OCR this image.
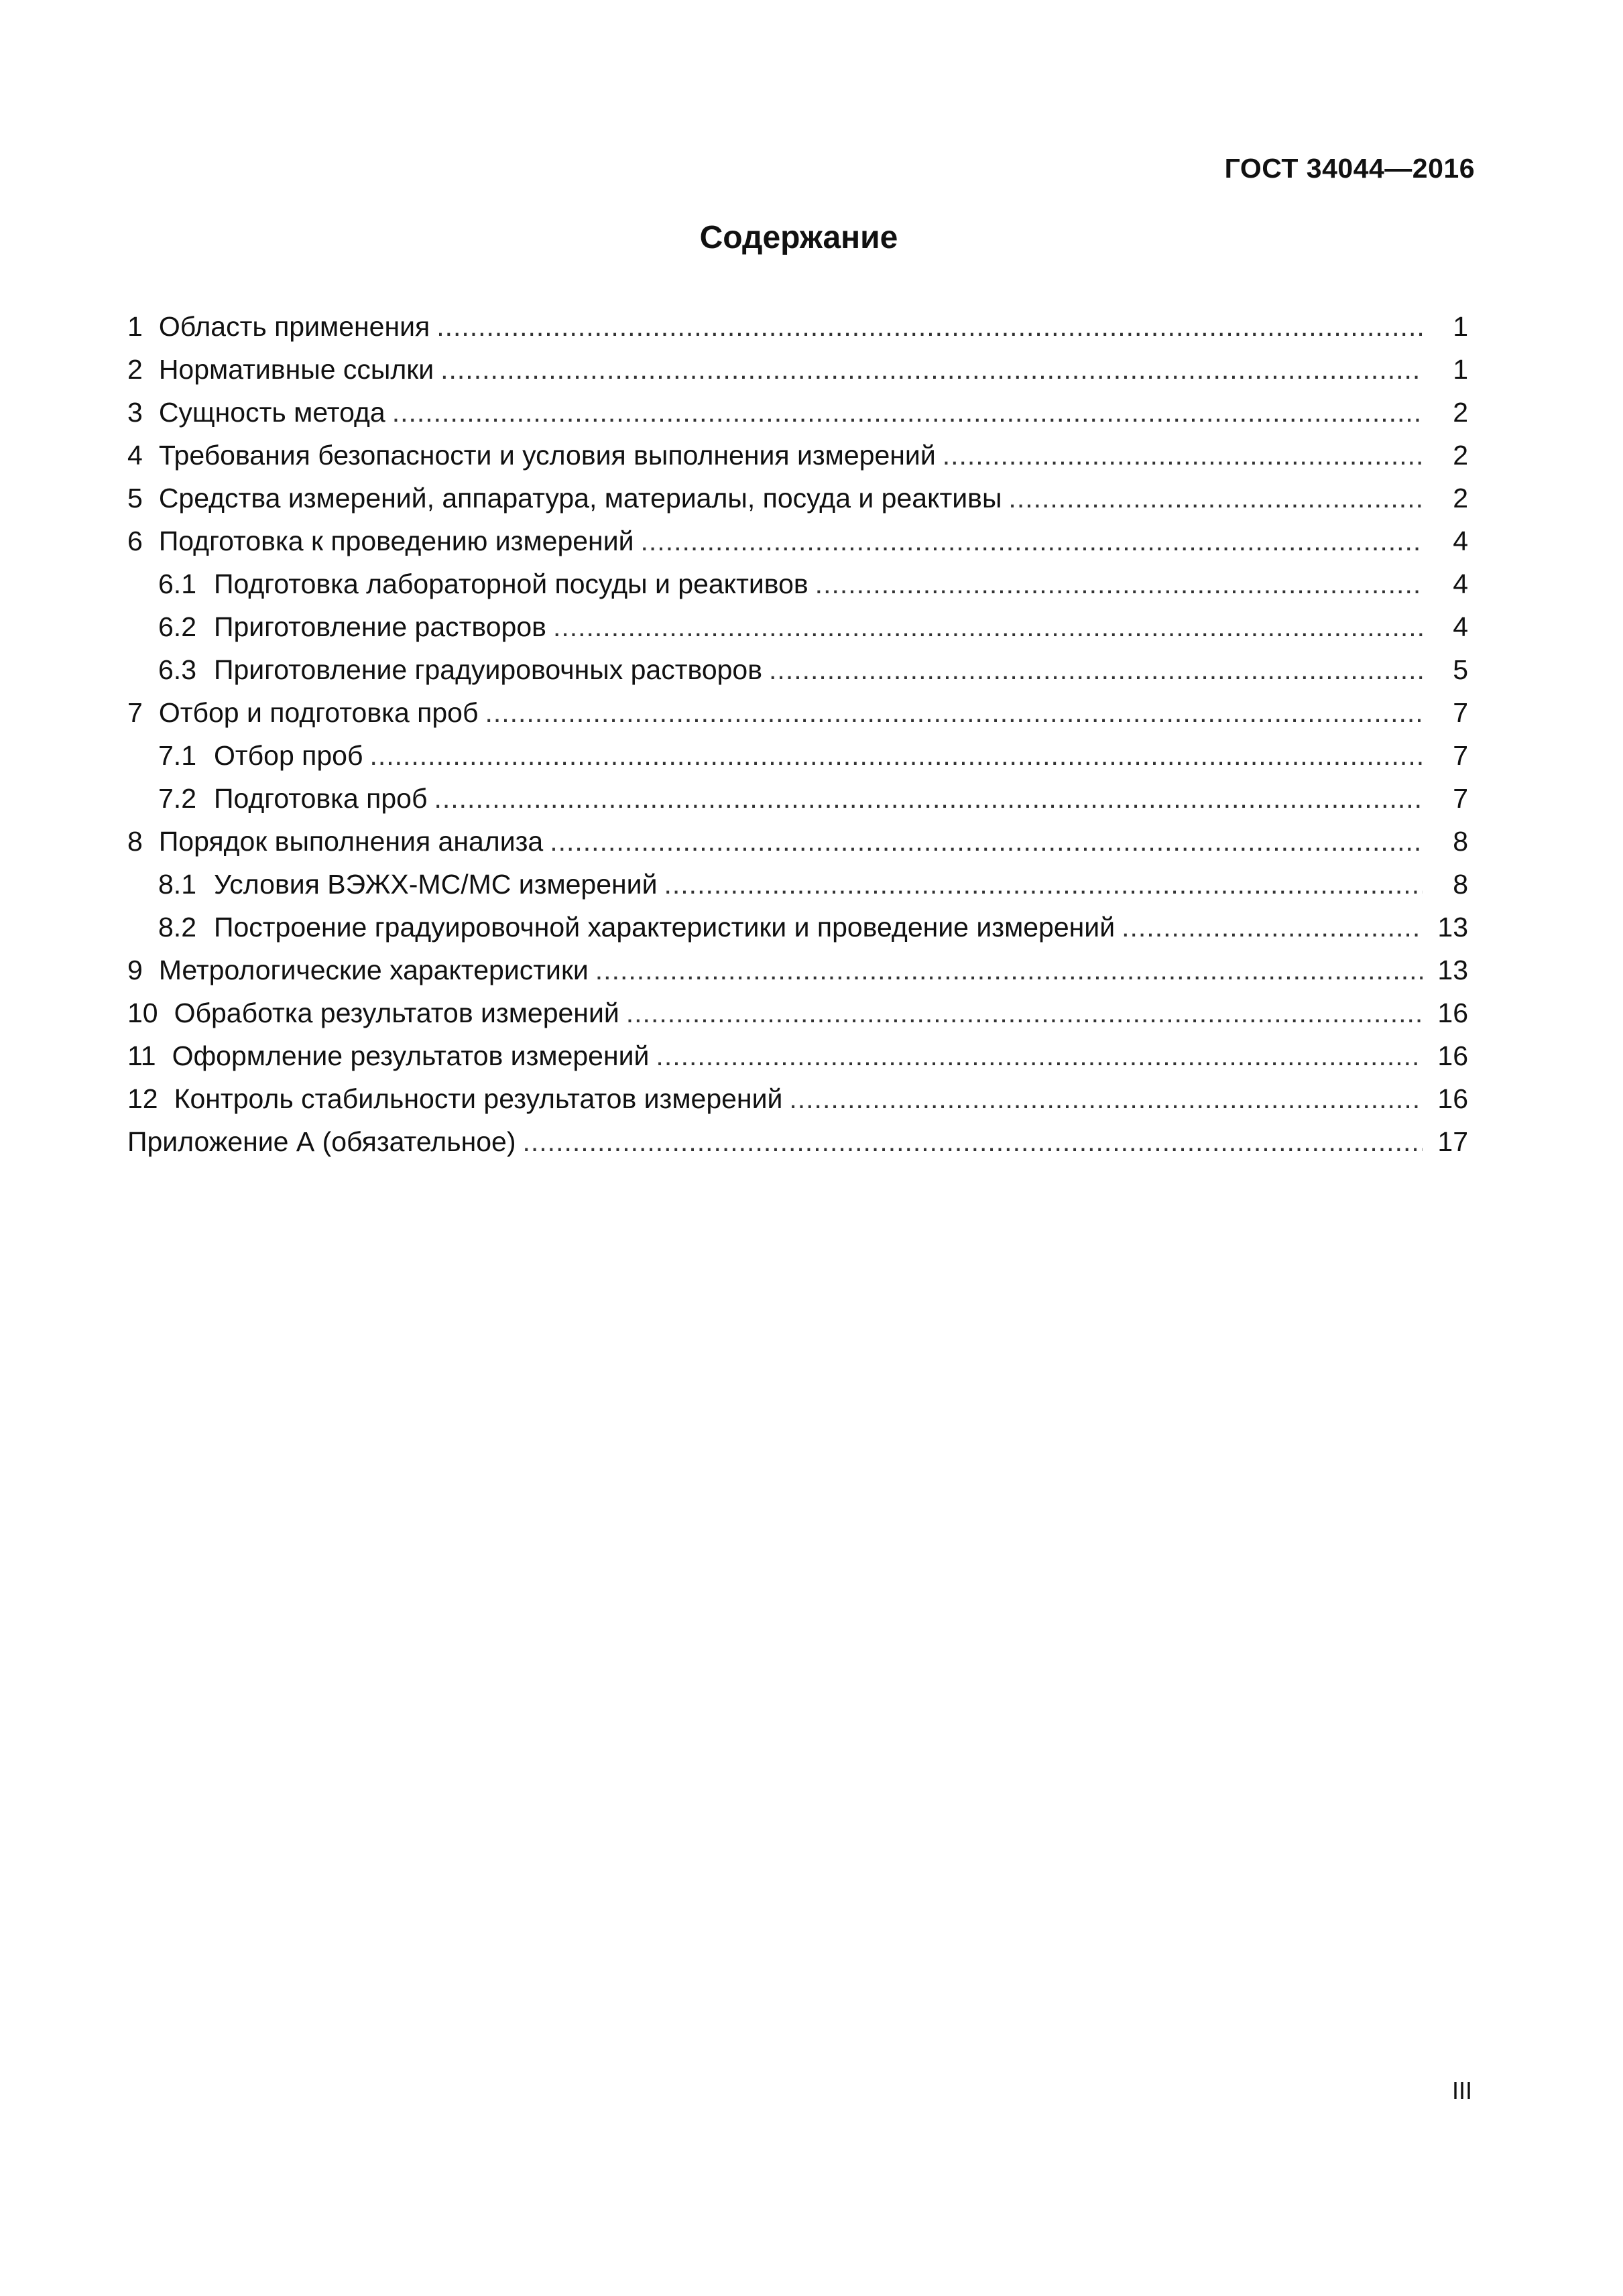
ГОСТ 34044—2016
Содержание
1 Область применения .....	1
2 Нормативные ссылки .....	1
3 Сущность метода .....	2
4 Требования безопасности и условия выполнения измерений .....	2
5 Средства измерений, аппаратура, материалы, посуда и реактивы .....	2
6 Подготовка к проведению измерений .....	4
6.1 Подготовка лабораторной посуды и реактивов .....	4
6.2 Приготовление растворов .....	4
6.3 Приготовление градуировочных растворов .....	5
7 Отбор и подготовка проб .....	7
7.1 Отбор проб .....	7
7.2 Подготовка проб .....	7
8 Порядок выполнения анализа .....	8
8.1 Условия ВЭЖХ-МС/МС измерений .....	8
8.2 Построение градуировочной характеристики и проведение измерений .....	13
9 Метрологические характеристики .....	13
10 Обработка результатов измерений .....	16
11 Оформление результатов измерений .....	16
12 Контроль стабильности результатов измерений .....	16
Приложение А (обязательное) .....	17
III
